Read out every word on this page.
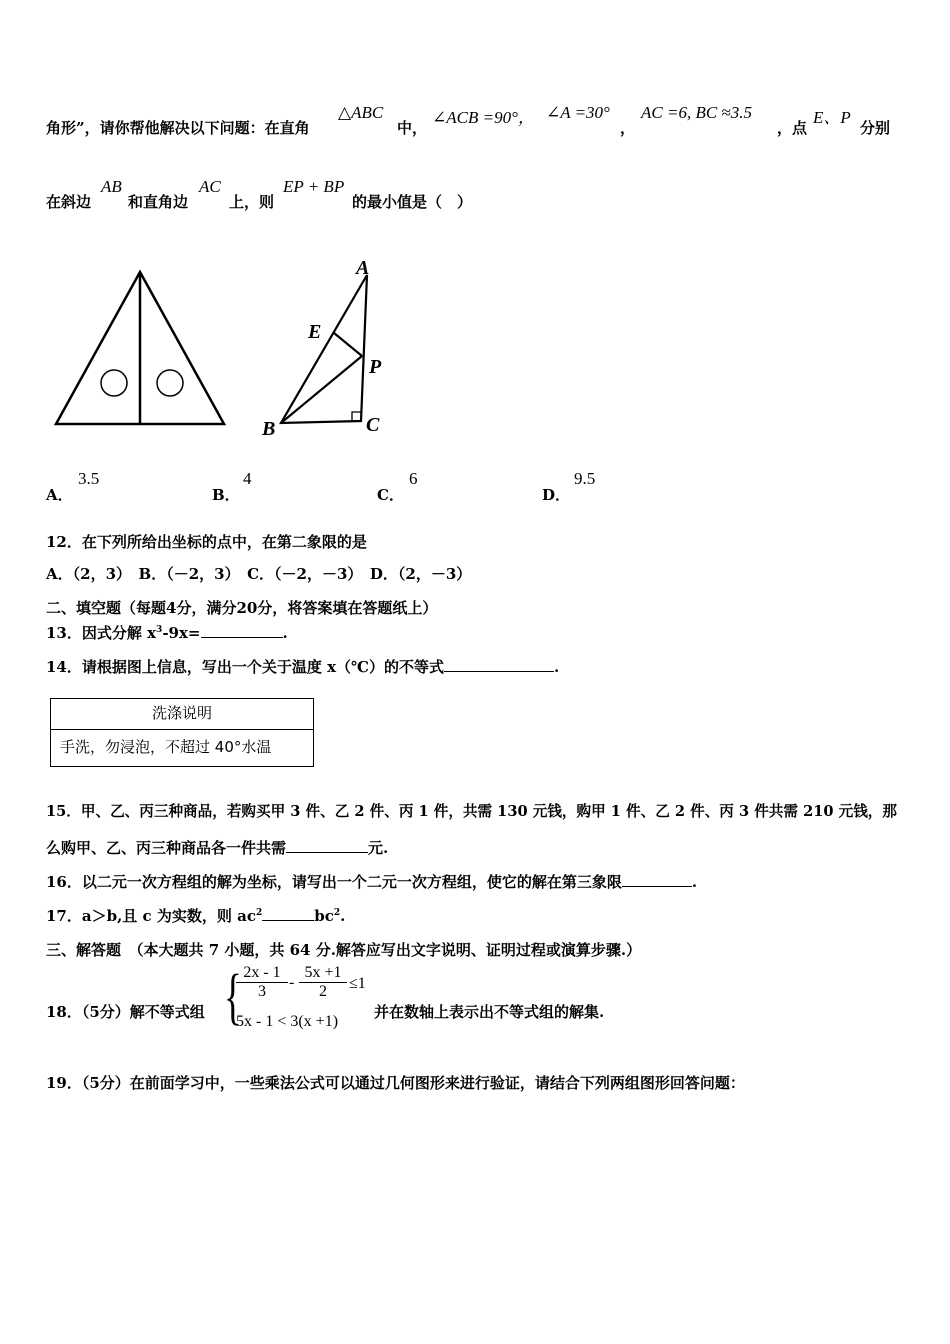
角形”，请你帮他解决以下问题：在直角
△ABC
中，
∠ACB =90°， ∠A =30°
，
AC =6, BC ≈3.5
，点
E、P
分别
在斜边
AB
和直角边
AC
上，则
EP + BP
的最小值是（　）
A
E
P
B	C
A．
3.5
B．
4
C．
6
D．
9.5
12．在下列所给出坐标的点中，在第二象限的是
A．（2，3）　B．（－2，3）　C．（－2，－3）　D．（2，－3）
二、填空题（每题4分，满分20分，将答案填在答题纸上）
13．因式分解 $x^3-9x=$	.
14．请根据图上信息，写出一个关于温度 x（℃）的不等式	.
洗涤说明
手洗，勿浸泡，不超过 40°水温
15．甲、乙、丙三种商品，若购买甲 3 件、乙 2 件、丙 1 件，共需 130 元钱，购甲 1 件、乙 2 件、丙 3 件共需 210 元钱，那
么购甲、乙、丙三种商品各一件共需	元.
16．以二元一次方程组的解为坐标，请写出一个二元一次方程组，使它的解在第三象限	.
17．a＞b,且 c 为实数，则 $ac^2$	$bc^2$.
三、解答题　（本大题共 7 小题，共 64 分.解答应写出文字说明、证明过程或演算步骤.）
18．（5分）解不等式组 {
$\frac{2x - 1}{3} - \frac{5x +1}{2} \le 1$
5x - 1 < 3(x +1)
并在数轴上表示出不等式组的解集.
19．（5分）在前面学习中，一些乘法公式可以通过几何图形来进行验证，请结合下列两组图形回答问题：
